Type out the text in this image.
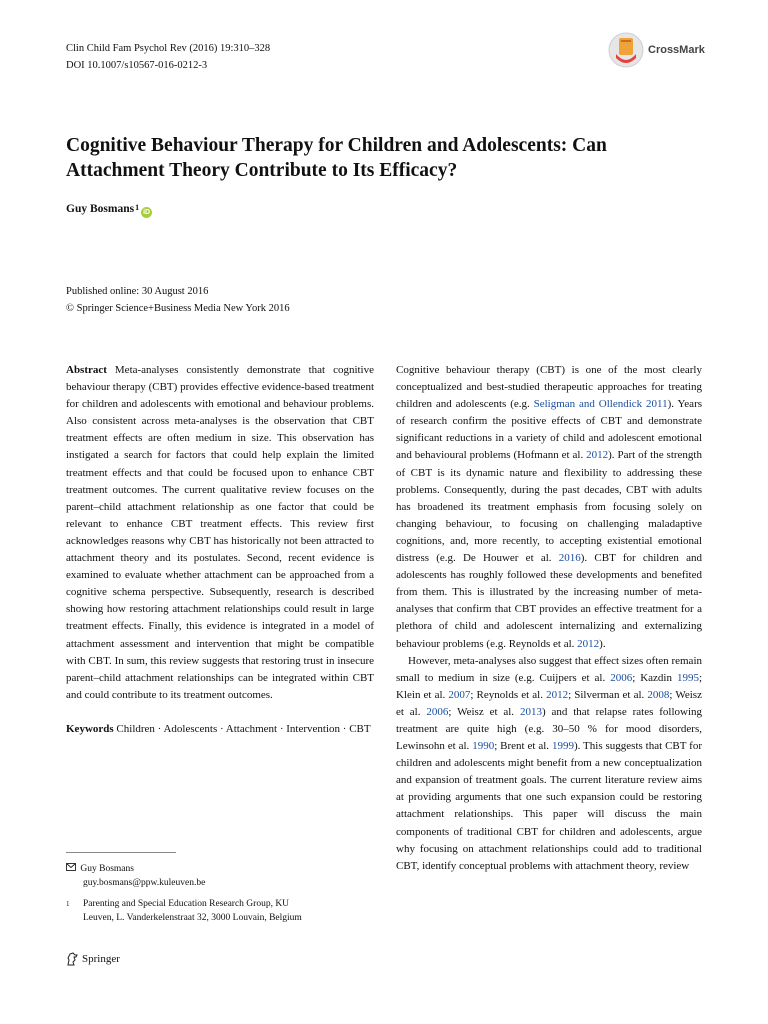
Clin Child Fam Psychol Rev (2016) 19:310–328
DOI 10.1007/s10567-016-0212-3
CrossMark
Cognitive Behaviour Therapy for Children and Adolescents: Can Attachment Theory Contribute to Its Efficacy?
Guy Bosmans 1
iD
Published online: 30 August 2016
© Springer Science+Business Media New York 2016

Abstract Meta-analyses consistently demonstrate that cognitive behaviour therapy (CBT) provides effective evidence-based treatment for children and adolescents with emotional and behaviour problems. Also consistent across meta-analyses is the observation that CBT treatment effects are often medium in size. This observation has instigated a search for factors that could help explain the limited treatment effects and that could be focused upon to enhance CBT treatment outcomes. The current qualitative review focuses on the parent–child attachment relationship as one factor that could be relevant to enhance CBT treatment effects. This review first acknowledges reasons why CBT has historically not been attracted to attachment theory and its postulates. Second, recent evidence is examined to evaluate whether attachment can be approached from a cognitive schema perspective. Subsequently, research is described showing how restoring attachment relationships could result in large treatment effects. Finally, this evidence is integrated in a model of attachment assessment and intervention that might be compatible with CBT. In sum, this review suggests that restoring trust in insecure parent–child attachment relationships can be integrated within CBT and could contribute to its treatment outcomes.

Keywords Children · Adolescents · Attachment · Intervention · CBT

Cognitive behaviour therapy (CBT) is one of the most clearly conceptualized and best-studied therapeutic approaches for treating children and adolescents (e.g. Seligman and Ollendick 2011). Years of research confirm the positive effects of CBT and demonstrate significant reductions in a variety of child and adolescent emotional and behavioural problems (Hofmann et al. 2012). Part of the strength of CBT is its dynamic nature and flexibility to addressing these problems. Consequently, during the past decades, CBT with adults has broadened its treatment emphasis from focusing solely on changing behaviour, to focusing on challenging maladaptive cognitions, and, more recently, to accepting existential emotional distress (e.g. De Houwer et al. 2016). CBT for children and adolescents has roughly followed these developments and benefited from them. This is illustrated by the increasing number of meta-analyses that confirm that CBT provides an effective treatment for a plethora of child and adolescent internalizing and externalizing behaviour problems (e.g. Reynolds et al. 2012).

However, meta-analyses also suggest that effect sizes often remain small to medium in size (e.g. Cuijpers et al. 2006; Kazdin 1995; Klein et al. 2007; Reynolds et al. 2012; Silverman et al. 2008; Weisz et al. 2006; Weisz et al. 2013) and that relapse rates following treatment are quite high (e.g. 30–50 % for mood disorders, Lewinsohn et al. 1990; Brent et al. 1999). This suggests that CBT for children and adolescents might benefit from a new conceptualization and expansion of treatment goals. The current literature review aims at providing arguments that one such expansion could be restoring attachment relationships. This paper will discuss the main components of traditional CBT for children and adolescents, argue why focusing on attachment relationships could add to traditional CBT, identify conceptual problems with attachment theory, review

Guy Bosmans
guy.bosmans@ppw.kuleuven.be
1	Parenting and Special Education Research Group, KU
Leuven, L. Vanderkelenstraat 32, 3000 Louvain, Belgium
Springer
